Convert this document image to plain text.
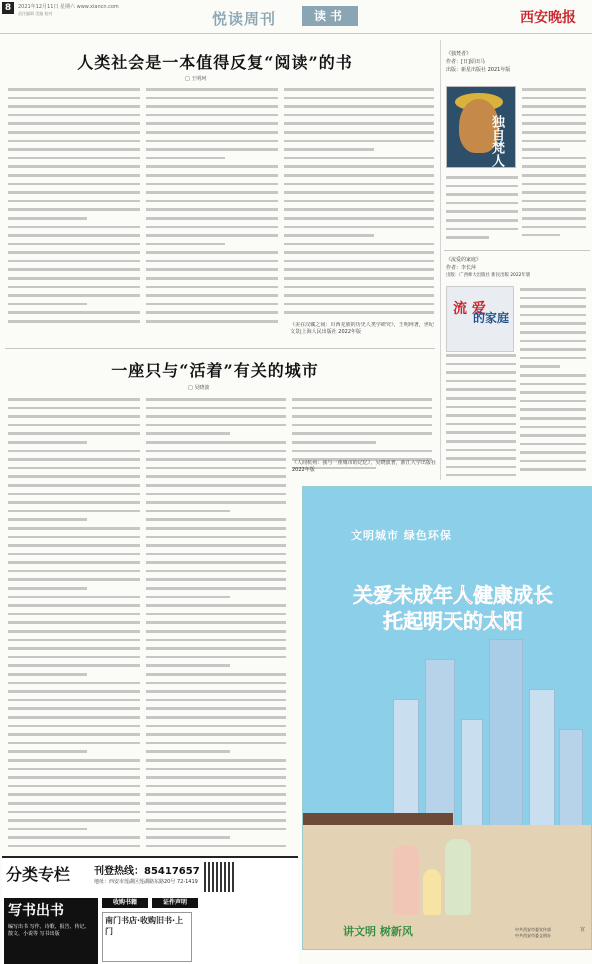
8	2021年12月11日 星期六 www.xiancn.com
责任编辑 美编 校对	悦读周刊	读书	西安晚报
人类社会是一本值得反复“阅读”的书
□ 王明珂
《美在汉藏之间：川西羌族的历史人类学研究》，王明珂著，世纪文景|上海人民出版社 2022年版
一座只与“活着”有关的城市
□ 吴晓波
《人间杭州：我与一座城市的记忆》，吴晓波著，浙江大学出版社 2022年版
独自梵人
《独梵者》
作者：[日]原田马
出版：新星出版社 2021年版
《流爱的家庭》
作者：李长萍
出版：广西师大出版社 新民出版 2022年版
流 爱
的家庭
文明城市 绿色环保
关爱未成年人健康成长
托起明天的太阳
讲文明 树新风	中共西安市委宣传部
中共西安市委文明办
宣
分类专栏 刊登热线：85417657
地址：西安市莲湖区莲湖路东路20号 72-1419
写书出书
编写出书 写作、诗歌、报告、传记、散文、小说等 写书出版
收购书籍	证件声明
南门书店·收购旧书·上门
